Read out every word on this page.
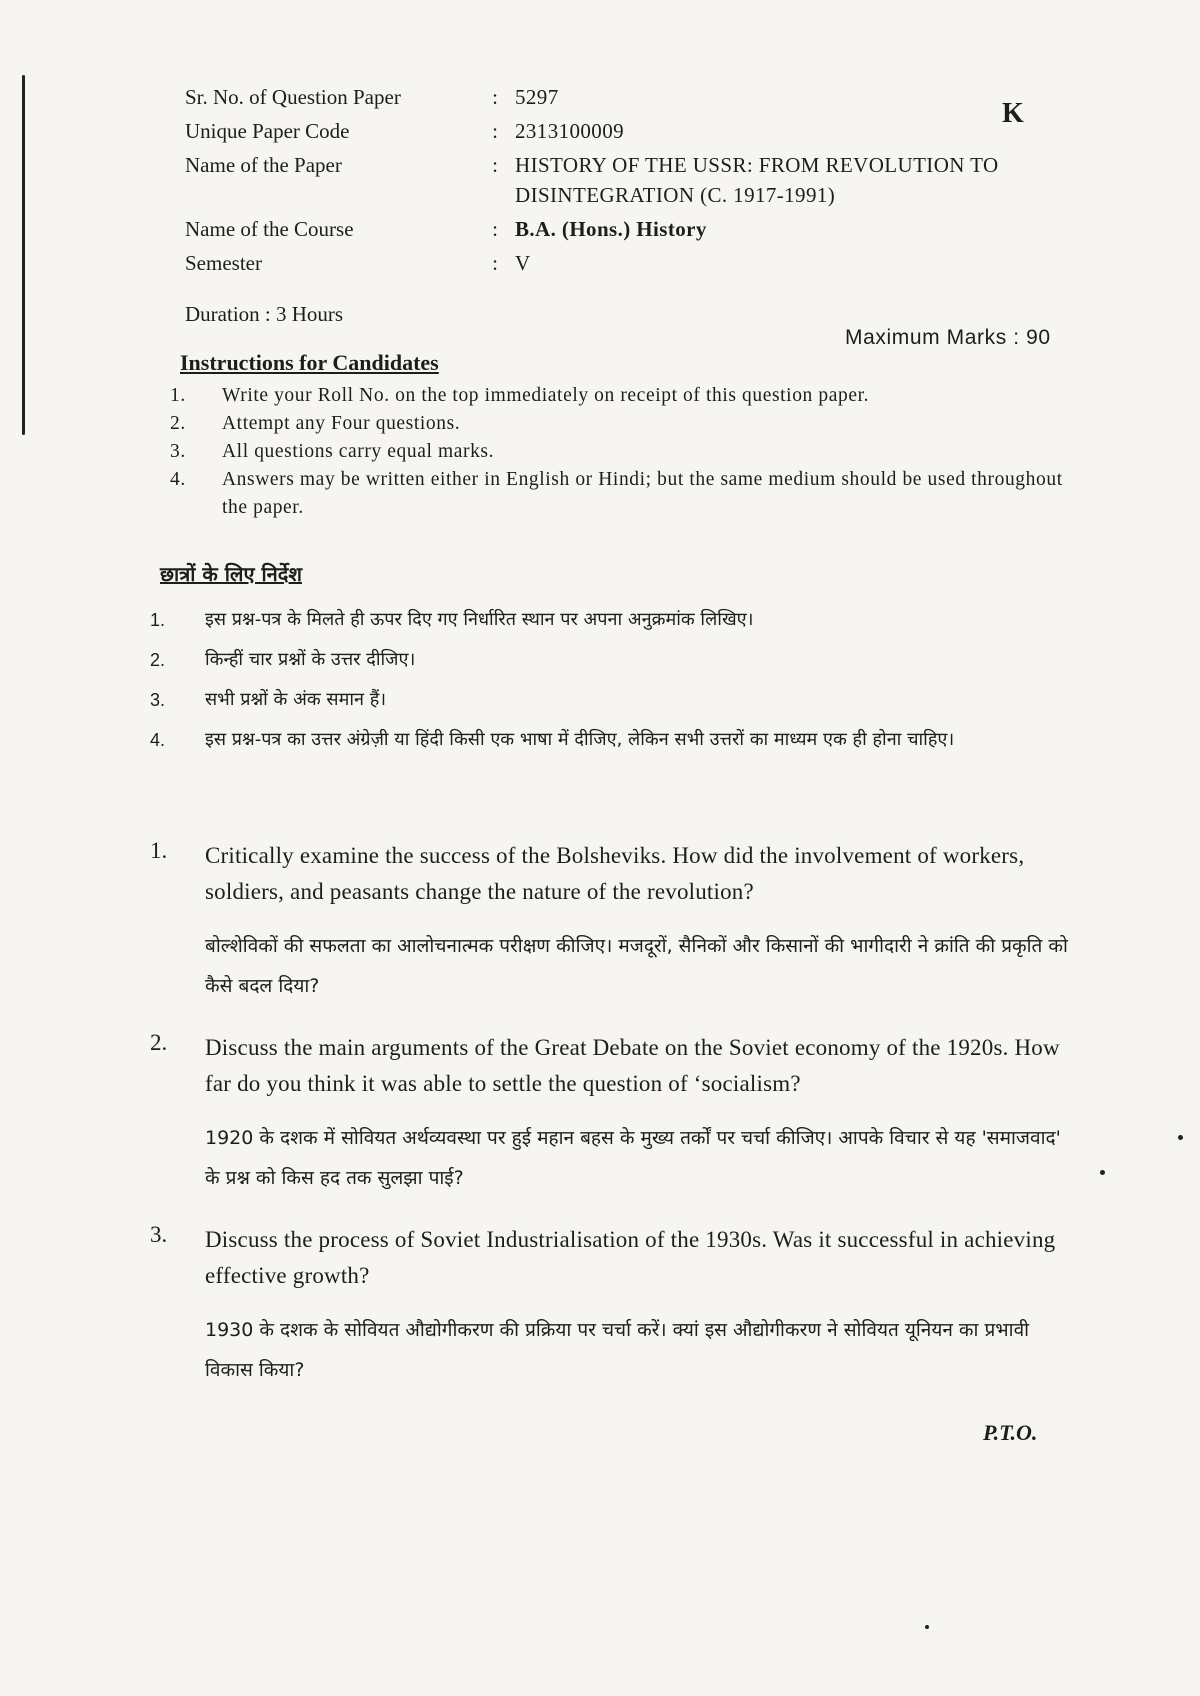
K
Sr. No. of Question Paper	: 5297
Unique Paper Code	: 2313100009
Name of the Paper	: HISTORY OF THE USSR: FROM REVOLUTION TO DISINTEGRATION (C. 1917-1991)
Name of the Course	: B.A. (Hons.) History
Semester	: V
Duration : 3 Hours
Maximum Marks : 90
Instructions for Candidates
1.	Write your Roll No. on the top immediately on receipt of this question paper.
2.	Attempt any Four questions.
3.	All questions carry equal marks.
4.	Answers may be written either in English or Hindi; but the same medium should be used throughout the paper.
छात्रों के लिए निर्देश
1.	इस प्रश्न-पत्र के मिलते ही ऊपर दिए गए निर्धारित स्थान पर अपना अनुक्रमांक लिखिए।
2.	किन्हीं चार प्रश्नों के उत्तर दीजिए।
3.	सभी प्रश्नों के अंक समान हैं।
4.	इस प्रश्न-पत्र का उत्तर अंग्रेज़ी या हिंदी किसी एक भाषा में दीजिए, लेकिन सभी उत्तरों का माध्यम एक ही होना चाहिए।
1.	Critically examine the success of the Bolsheviks. How did the involvement of workers, soldiers, and peasants change the nature of the revolution?

बोल्शेविकों की सफलता का आलोचनात्मक परीक्षण कीजिए। मजदूरों, सैनिकों और किसानों की भागीदारी ने क्रांति की प्रकृति को कैसे बदल दिया?

2.	Discuss the main arguments of the Great Debate on the Soviet economy of the 1920s. How far do you think it was able to settle the question of ‘socialism?

1920 के दशक में सोवियत अर्थव्यवस्था पर हुई महान बहस के मुख्य तर्कों पर चर्चा कीजिए। आपके विचार से यह 'समाजवाद' के प्रश्न को किस हद तक सुलझा पाई?

3.	Discuss the process of Soviet Industrialisation of the 1930s. Was it successful in achieving effective growth?

1930 के दशक के सोवियत औद्योगीकरण की प्रक्रिया पर चर्चा करें। क्यां इस औद्योगीकरण ने सोवियत यूनियन का प्रभावी विकास किया?

P.T.O.
